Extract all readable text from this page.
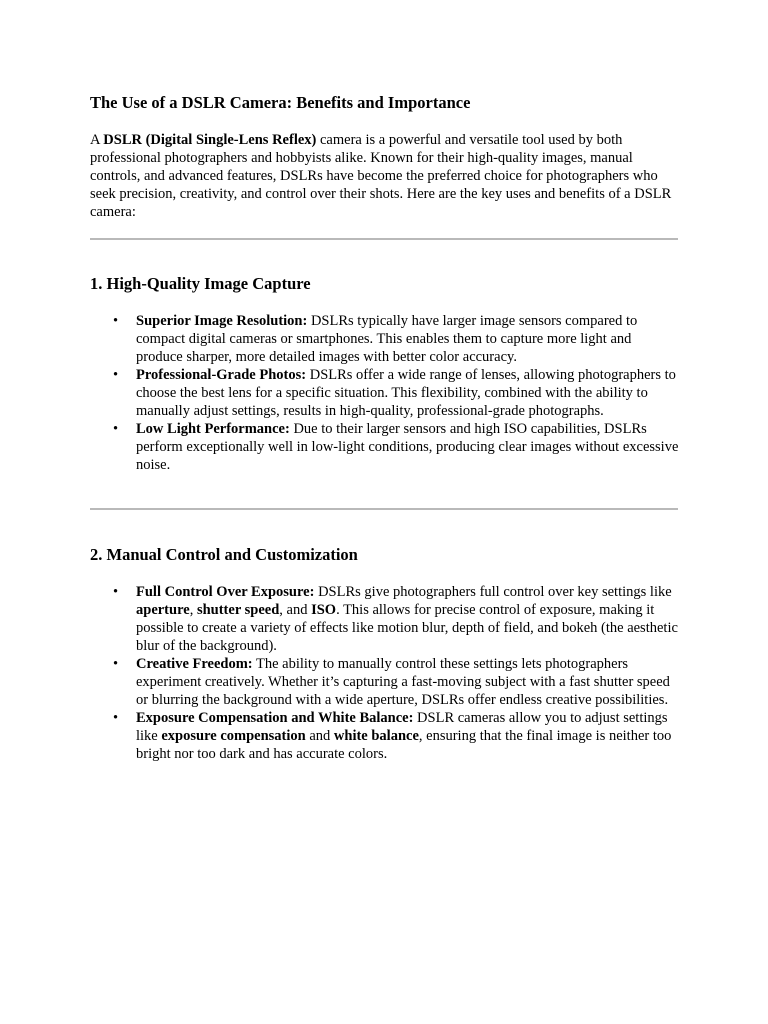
The Use of a DSLR Camera: Benefits and Importance

A DSLR (Digital Single-Lens Reflex) camera is a powerful and versatile tool used by both professional photographers and hobbyists alike. Known for their high-quality images, manual controls, and advanced features, DSLRs have become the preferred choice for photographers who seek precision, creativity, and control over their shots. Here are the key uses and benefits of a DSLR camera:

1. High-Quality Image Capture
• Superior Image Resolution: DSLRs typically have larger image sensors compared to compact digital cameras or smartphones. This enables them to capture more light and produce sharper, more detailed images with better color accuracy.
• Professional-Grade Photos: DSLRs offer a wide range of lenses, allowing photographers to choose the best lens for a specific situation. This flexibility, combined with the ability to manually adjust settings, results in high-quality, professional-grade photographs.
• Low Light Performance: Due to their larger sensors and high ISO capabilities, DSLRs perform exceptionally well in low-light conditions, producing clear images without excessive noise.
2. Manual Control and Customization
• Full Control Over Exposure: DSLRs give photographers full control over key settings like aperture, shutter speed, and ISO. This allows for precise control of exposure, making it possible to create a variety of effects like motion blur, depth of field, and bokeh (the aesthetic blur of the background).
• Creative Freedom: The ability to manually control these settings lets photographers experiment creatively. Whether it’s capturing a fast-moving subject with a fast shutter speed or blurring the background with a wide aperture, DSLRs offer endless creative possibilities.
• Exposure Compensation and White Balance: DSLR cameras allow you to adjust settings like exposure compensation and white balance, ensuring that the final image is neither too bright nor too dark and has accurate colors.
